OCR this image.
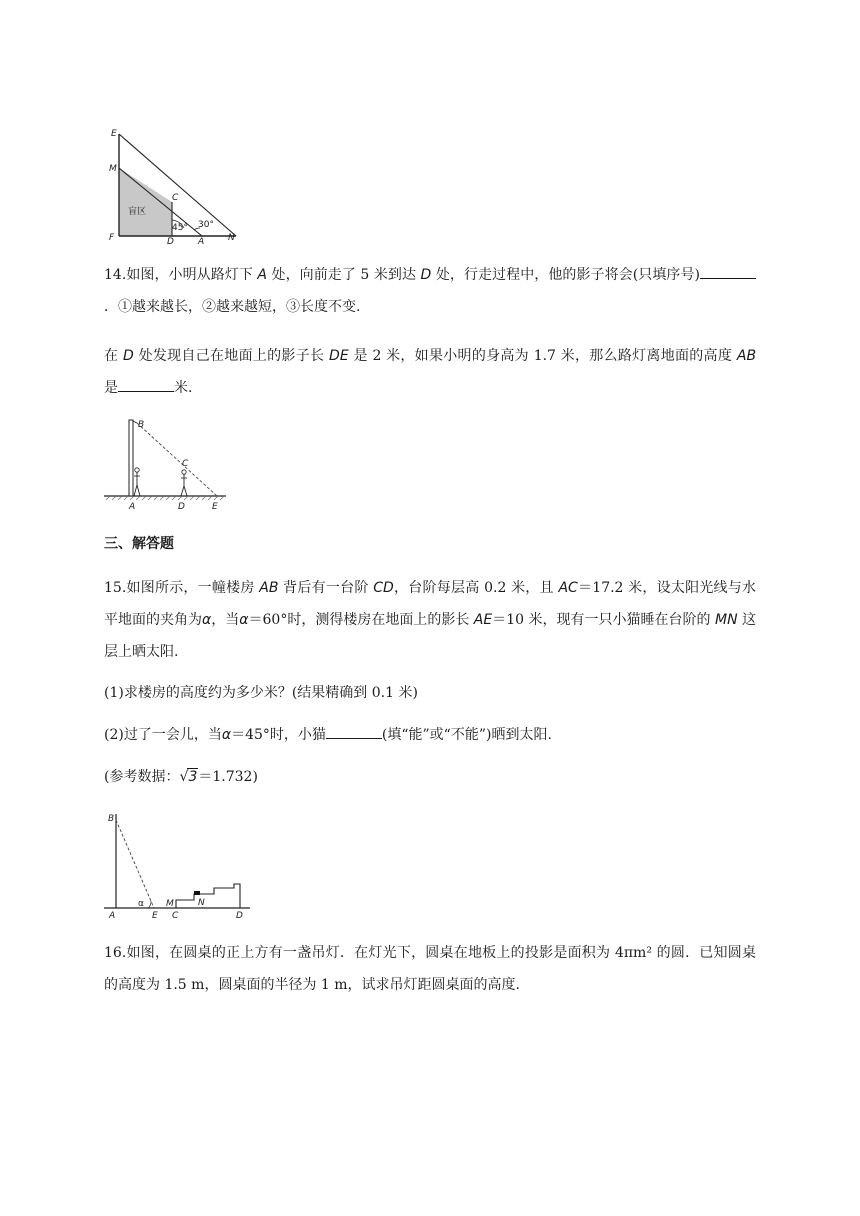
E
M
C
F	D	A	N
盲区
45° 30°
14.如图，小明从路灯下 A 处，向前走了 5 米到达 D 处，行走过程中，他的影子将会(只填序号)．①越来越长，②越来越短，③长度不变.
在 D 处发现自己在地面上的影子长 DE 是 2 米，如果小明的身高为 1.7 米，那么路灯离地面的高度 AB 是	米.
B
C
A	D	E
三、解答题
15.如图所示，一幢楼房 AB 背后有一台阶 CD，台阶每层高 0.2 米，且 AC＝17.2 米，设太阳光线与水平地面的夹角为α，当α＝60°时，测得楼房在地面上的影长 AE＝10 米，现有一只小猫睡在台阶的 MN 这层上晒太阳.
(1)求楼房的高度约为多少米？(结果精确到 0.1 米)
(2)过了一会儿，当α＝45°时，小猫	(填“能”或“不能”)晒到太阳.
(参考数据： √ 3＝1.732)
B
α M	N
A	E C	D
16.如图，在圆桌的正上方有一盏吊灯．在灯光下，圆桌在地板上的投影是面积为 4πm² 的圆．已知圆桌的高度为 1.5 m，圆桌面的半径为 1 m，试求吊灯距圆桌面的高度.
